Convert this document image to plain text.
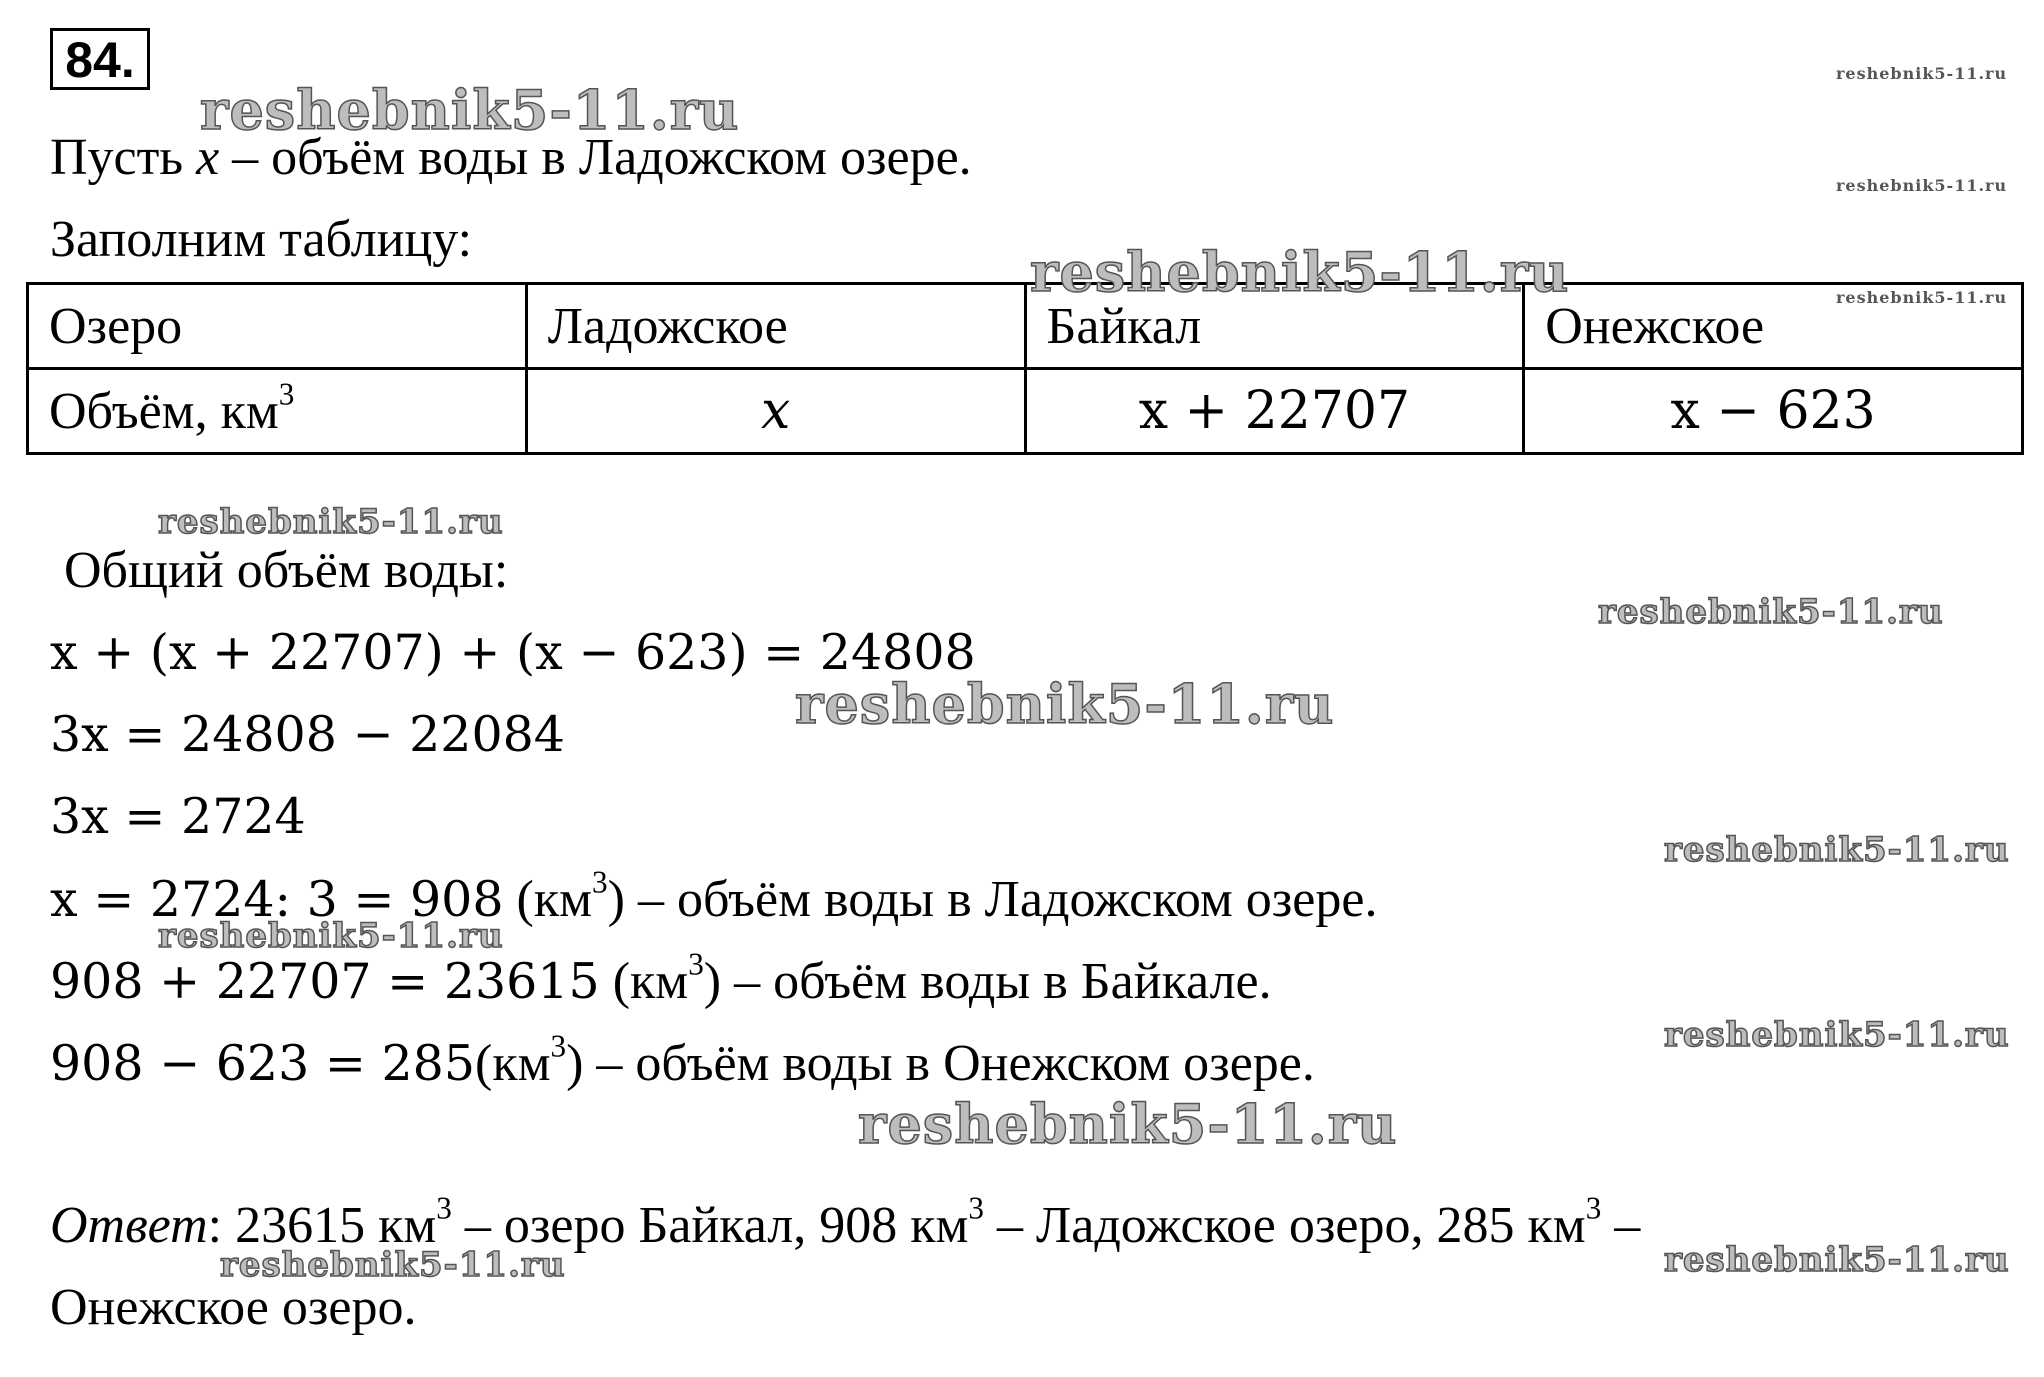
84.
Пусть x – объём воды в Ладожском озере.
Заполним таблицу:
Озеро	Ладожское	Байкал	Онежское
Объём, $км^3$	x	x + 22707	x − 623
Общий объём воды:
x + (x + 22707) + (x − 623) = 24808
3x = 24808 − 22084
3x = 2724
x = 2724: 3 = 908 $(км^3)$ – объём воды в Ладожском озере.
908 + 22707 = 23615 $(км^3)$ – объём воды в Байкале.
$908 - 623 = 285(км^3)$ – объём воды в Онежском озере.
Ответ: 23615 $км^3$ – озеро Байкал, 908 $км^3$ – Ладожское озеро, 285 $км^3$ –
Онежское озеро.
reshebnik5-11.ru
reshebnik5-11.ru
reshebnik5-11.ru
reshebnik5-11.ru
reshebnik5-11.ru
reshebnik5-11.ru
reshebnik5-11.ru
reshebnik5-11.ru
reshebnik5-11.ru
reshebnik5-11.ru
reshebnik5-11.ru
reshebnik5-11.ru
reshebnik5-11.ru
reshebnik5-11.ru
